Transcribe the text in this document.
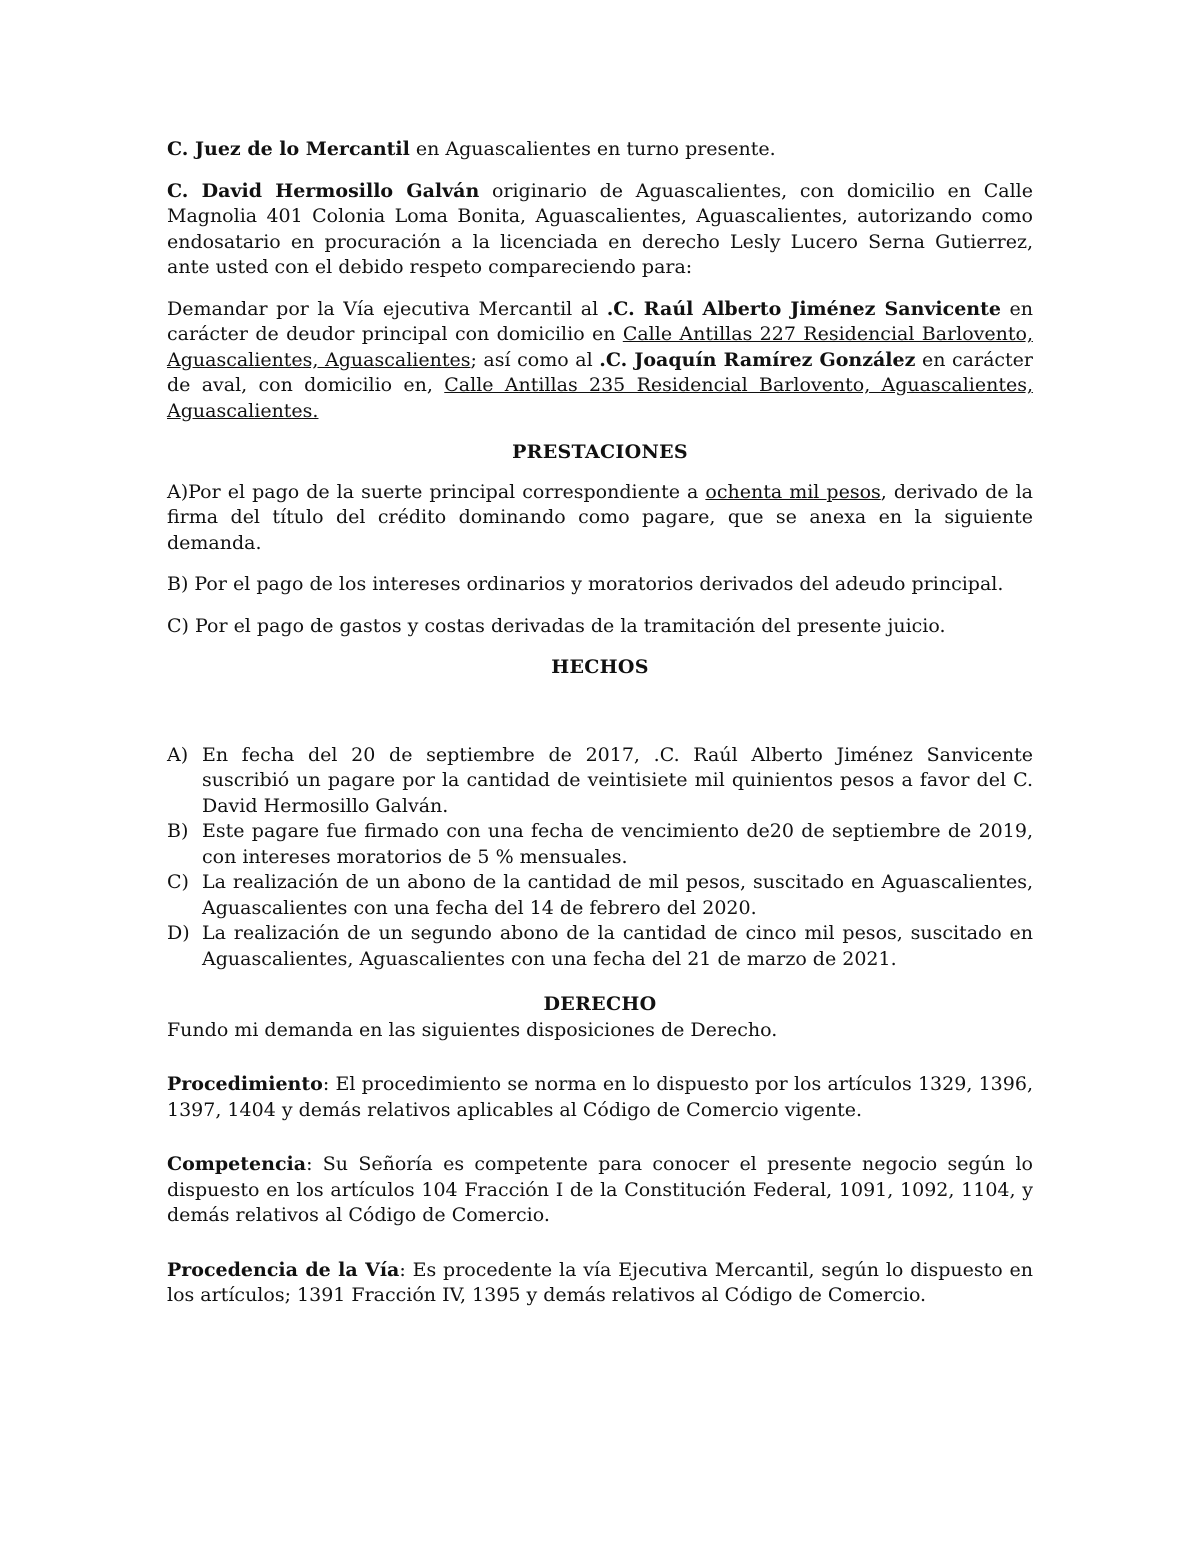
C. Juez de lo Mercantil en Aguascalientes en turno presente.

C. David Hermosillo Galván originario de Aguascalientes, con domicilio en Calle Magnolia 401 Colonia Loma Bonita, Aguascalientes, Aguascalientes, autorizando como endosatario en procuración a la licenciada en derecho Lesly Lucero Serna Gutierrez, ante usted con el debido respeto compareciendo para:

Demandar por la Vía ejecutiva Mercantil al .C. Raúl Alberto Jiménez Sanvicente en carácter de deudor principal con domicilio en Calle Antillas 227 Residencial Barlovento, Aguascalientes, Aguascalientes; así como al .C. Joaquín Ramírez González en carácter de aval, con domicilio en, Calle Antillas 235 Residencial Barlovento, Aguascalientes, Aguascalientes.

PRESTACIONES

A)Por el pago de la suerte principal correspondiente a ochenta mil pesos, derivado de la firma del título del crédito dominando como pagare, que se anexa en la siguiente demanda.

B) Por el pago de los intereses ordinarios y moratorios derivados del adeudo principal.

C) Por el pago de gastos y costas derivadas de la tramitación del presente juicio.

HECHOS

A) En fecha del 20 de septiembre de 2017, .C. Raúl Alberto Jiménez Sanvicente suscribió un pagare por la cantidad de veintisiete mil quinientos pesos a favor del C. David Hermosillo Galván.
B) Este pagare fue firmado con una fecha de vencimiento de20 de septiembre de 2019, con intereses moratorios de 5 % mensuales.
C) La realización de un abono de la cantidad de mil pesos, suscitado en Aguascalientes, Aguascalientes con una fecha del 14 de febrero del 2020.
D) La realización de un segundo abono de la cantidad de cinco mil pesos, suscitado en Aguascalientes, Aguascalientes con una fecha del 21 de marzo de 2021.

DERECHO

Fundo mi demanda en las siguientes disposiciones de Derecho.

Procedimiento: El procedimiento se norma en lo dispuesto por los artículos 1329, 1396, 1397, 1404 y demás relativos aplicables al Código de Comercio vigente.

Competencia: Su Señoría es competente para conocer el presente negocio según lo dispuesto en los artículos 104 Fracción I de la Constitución Federal, 1091, 1092, 1104, y demás relativos al Código de Comercio.

Procedencia de la Vía: Es procedente la vía Ejecutiva Mercantil, según lo dispuesto en los artículos; 1391 Fracción IV, 1395 y demás relativos al Código de Comercio.
